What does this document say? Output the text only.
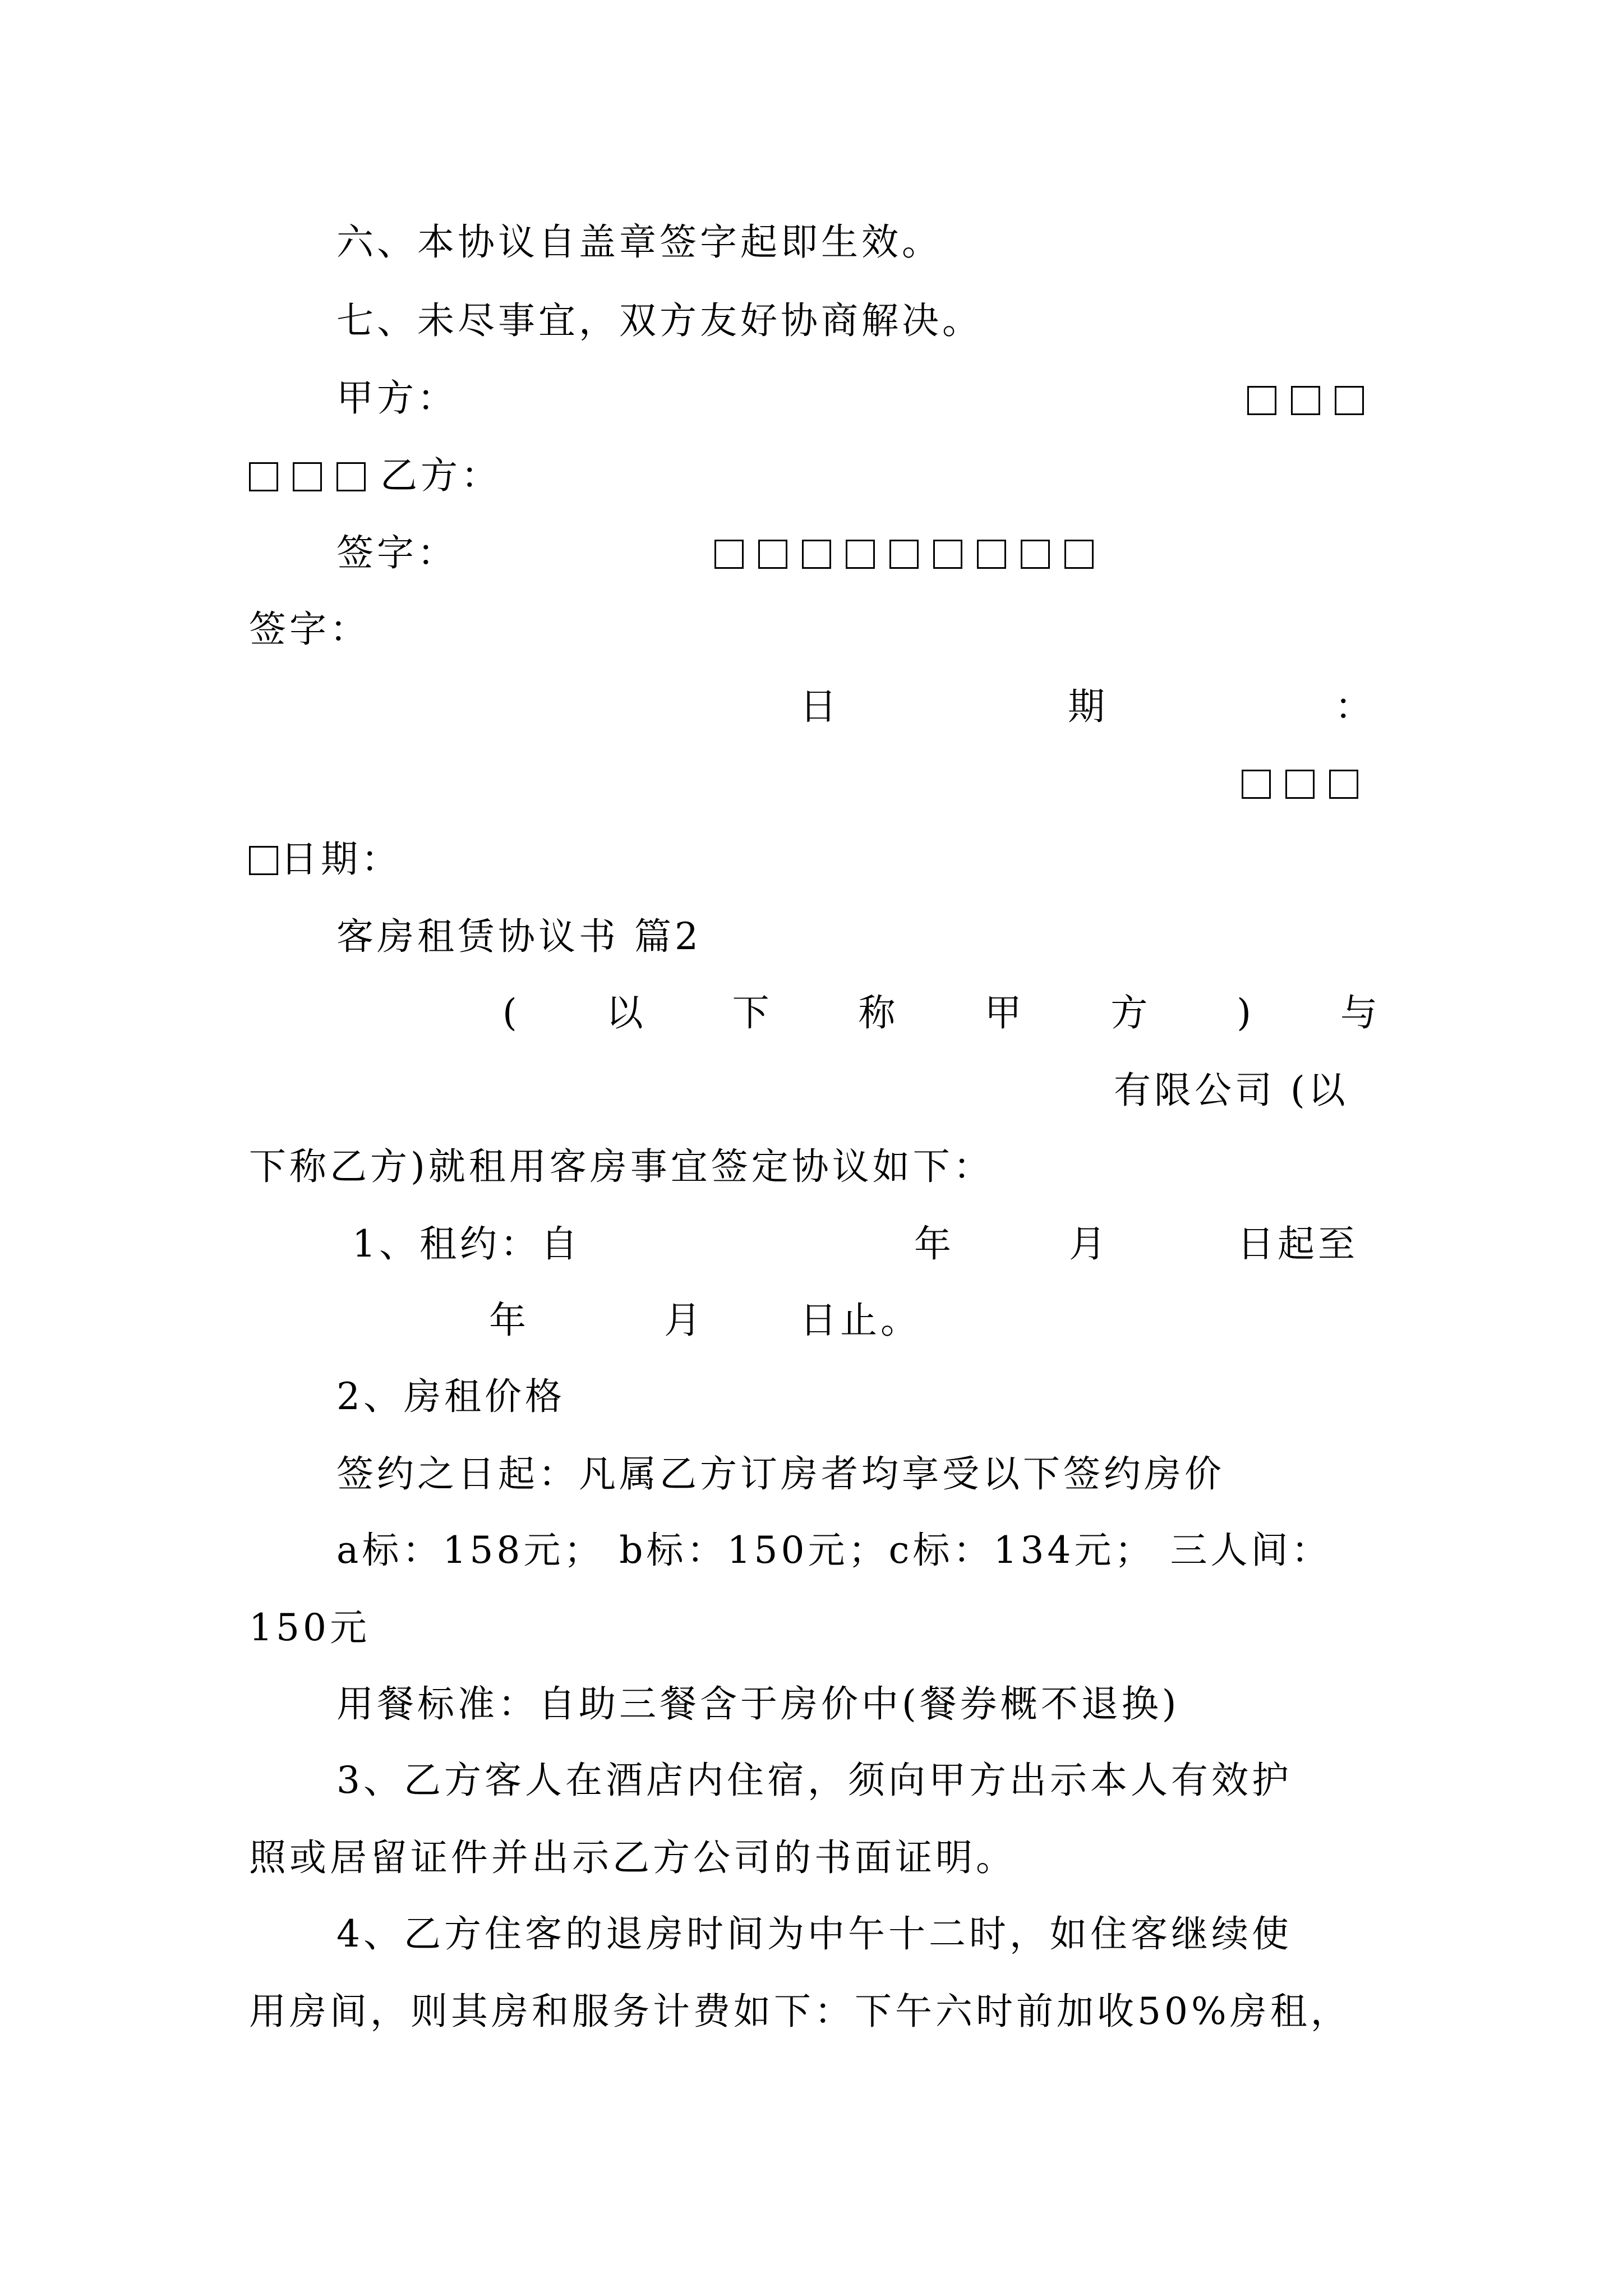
六、本协议自盖章签字起即生效。
七、未尽事宜，双方友好协商解决。
甲方：
乙方：
签字：
签字：
日	期	：
日期：
客房租赁协议书 篇2
( 以 下 称 甲 方 ) 与
有限公司 (以
下称乙方)就租用客房事宜签定协议如下：
1、租约：自	年	月	日起至
年	月	日止。
2、房租价格
签约之日起：凡属乙方订房者均享受以下签约房价
a标：158元； b标：150元；c标：134元； 三人间：
150元
用餐标准：自助三餐含于房价中(餐券概不退换)
3、乙方客人在酒店内住宿，须向甲方出示本人有效护
照或居留证件并出示乙方公司的书面证明。
4、乙方住客的退房时间为中午十二时，如住客继续使
用房间，则其房和服务计费如下：下午六时前加收50%房租，
